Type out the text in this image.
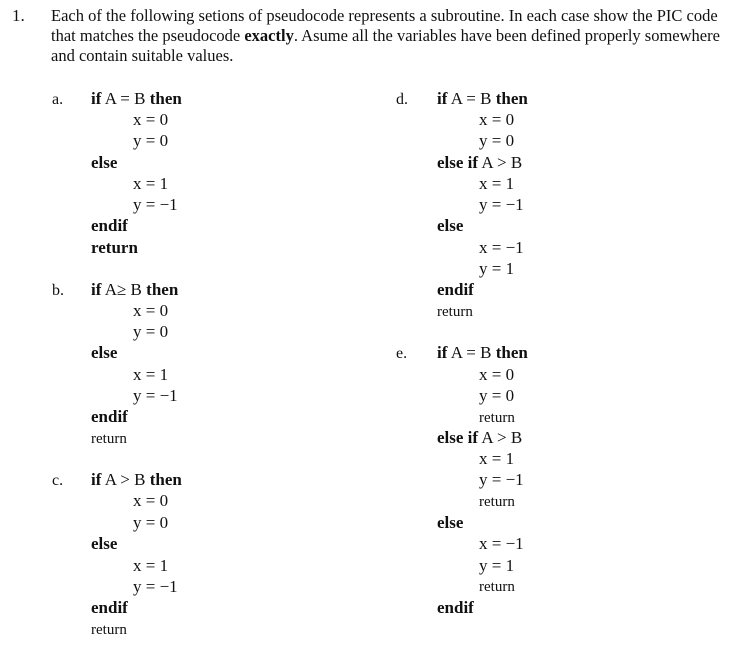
1. Each of the following setions of pseudocode represents a subroutine. In each case show the PIC code that matches the pseudocode exactly. Asume all the variables have been defined properly somewhere and contain suitable values.
a. if A = B then
x = 0
y = 0
else
x = 1
y = −1
endif
return
b. if A≥ B then
x = 0
y = 0
else
x = 1
y = −1
endif
return
c. if A > B then
x = 0
y = 0
else
x = 1
y = −1
endif
return
d. if A = B then
x = 0
y = 0
else if A > B
x = 1
y = −1
else
x = −1
y = 1
endif
return
e. if A = B then
x = 0
y = 0
return
else if A > B
x = 1
y = −1
return
else
x = −1
y = 1
return
endif
